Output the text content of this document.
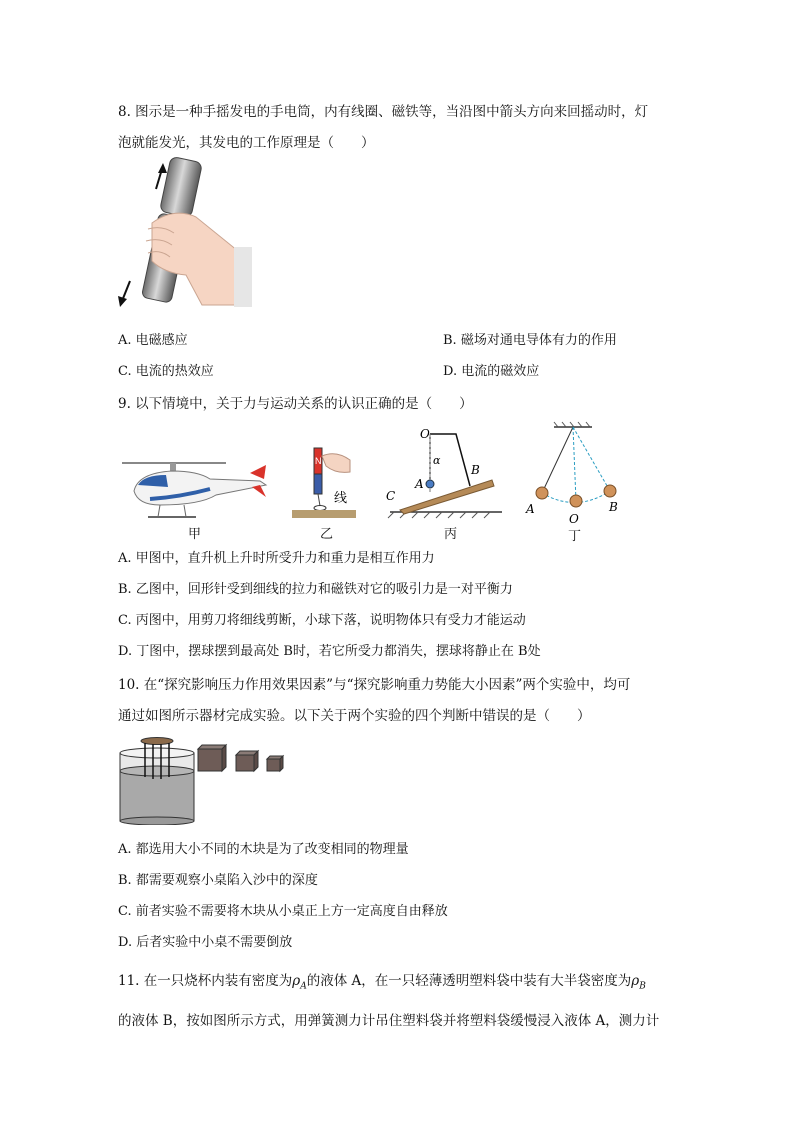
8. 图示是一种手摇发电的手电筒，内有线圈、磁铁等，当沿图中箭头方向来回摇动时，灯
泡就能发光，其发电的工作原理是（　　）
A. 电磁感应	B. 磁场对通电导体有力的作用
C. 电流的热效应	D. 电流的磁效应
9. 以下情境中，关于力与运动关系的认识正确的是（　　）
甲
N
线
乙
O
α
A
B
C
丙
A
O
B
丁
A. 甲图中，直升机上升时所受升力和重力是相互作用力
B. 乙图中，回形针受到细线的拉力和磁铁对它的吸引力是一对平衡力
C. 丙图中，用剪刀将细线剪断，小球下落，说明物体只有受力才能运动
D. 丁图中，摆球摆到最高处 B时，若它所受力都消失，摆球将静止在 B处
10. 在“探究影响压力作用效果因素”与“探究影响重力势能大小因素”两个实验中，均可
通过如图所示器材完成实验。以下关于两个实验的四个判断中错误的是（　　）
A. 都选用大小不同的木块是为了改变相同的物理量
B. 都需要观察小桌陷入沙中的深度
C. 前者实验不需要将木块从小桌正上方一定高度自由释放
D. 后者实验中小桌不需要倒放
11. 在一只烧杯内装有密度为$\rho_A$的液体 A，在一只轻薄透明塑料袋中装有大半袋密度为$\rho_B$
的液体 B，按如图所示方式，用弹簧测力计吊住塑料袋并将塑料袋缓慢浸入液体 A，测力计
